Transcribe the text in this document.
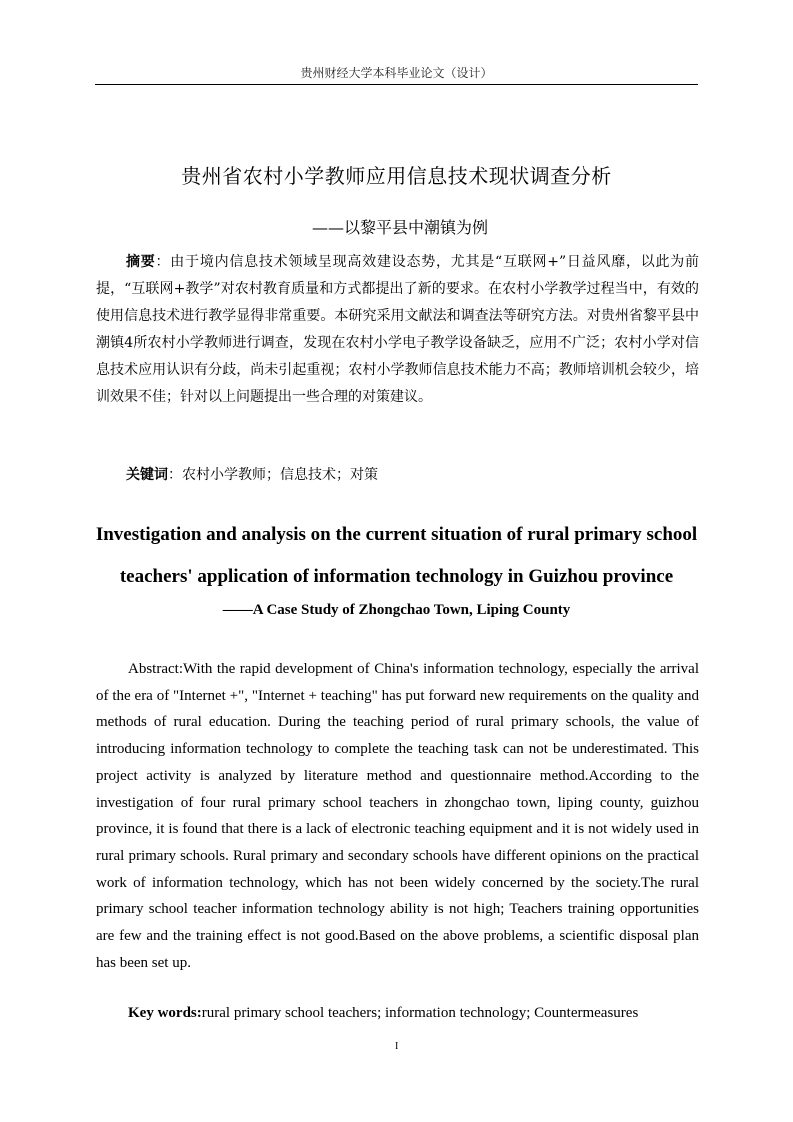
贵州财经大学本科毕业论文（设计）
贵州省农村小学教师应用信息技术现状调查分析
——以黎平县中潮镇为例
摘要：由于境内信息技术领域呈现高效建设态势，尤其是“互联网+”日益风靡，以此为前提，“互联网+教学”对农村教育质量和方式都提出了新的要求。在农村小学教学过程当中，有效的使用信息技术进行教学显得非常重要。本研究采用文献法和调查法等研究方法。对贵州省黎平县中潮镇4所农村小学教师进行调查，发现在农村小学电子教学设备缺乏，应用不广泛；农村小学对信息技术应用认识有分歧，尚未引起重视；农村小学教师信息技术能力不高；教师培训机会较少，培训效果不佳；针对以上问题提出一些合理的对策建议。
关键词：农村小学教师；信息技术；对策
Investigation and analysis on the current situation of rural primary school teachers' application of information technology in Guizhou province
——A Case Study of Zhongchao Town, Liping County
Abstract:With the rapid development of China's information technology, especially the arrival of the era of "Internet +", "Internet + teaching" has put forward new requirements on the quality and methods of rural education. During the teaching period of rural primary schools, the value of introducing information technology to complete the teaching task can not be underestimated. This project activity is analyzed by literature method and questionnaire method.According to the investigation of four rural primary school teachers in zhongchao town, liping county, guizhou province, it is found that there is a lack of electronic teaching equipment and it is not widely used in rural primary schools. Rural primary and secondary schools have different opinions on the practical work of information technology, which has not been widely concerned by the society.The rural primary school teacher information technology ability is not high; Teachers training opportunities are few and the training effect is not good.Based on the above problems, a scientific disposal plan has been set up.
Key words:rural primary school teachers; information technology; Countermeasures
I
